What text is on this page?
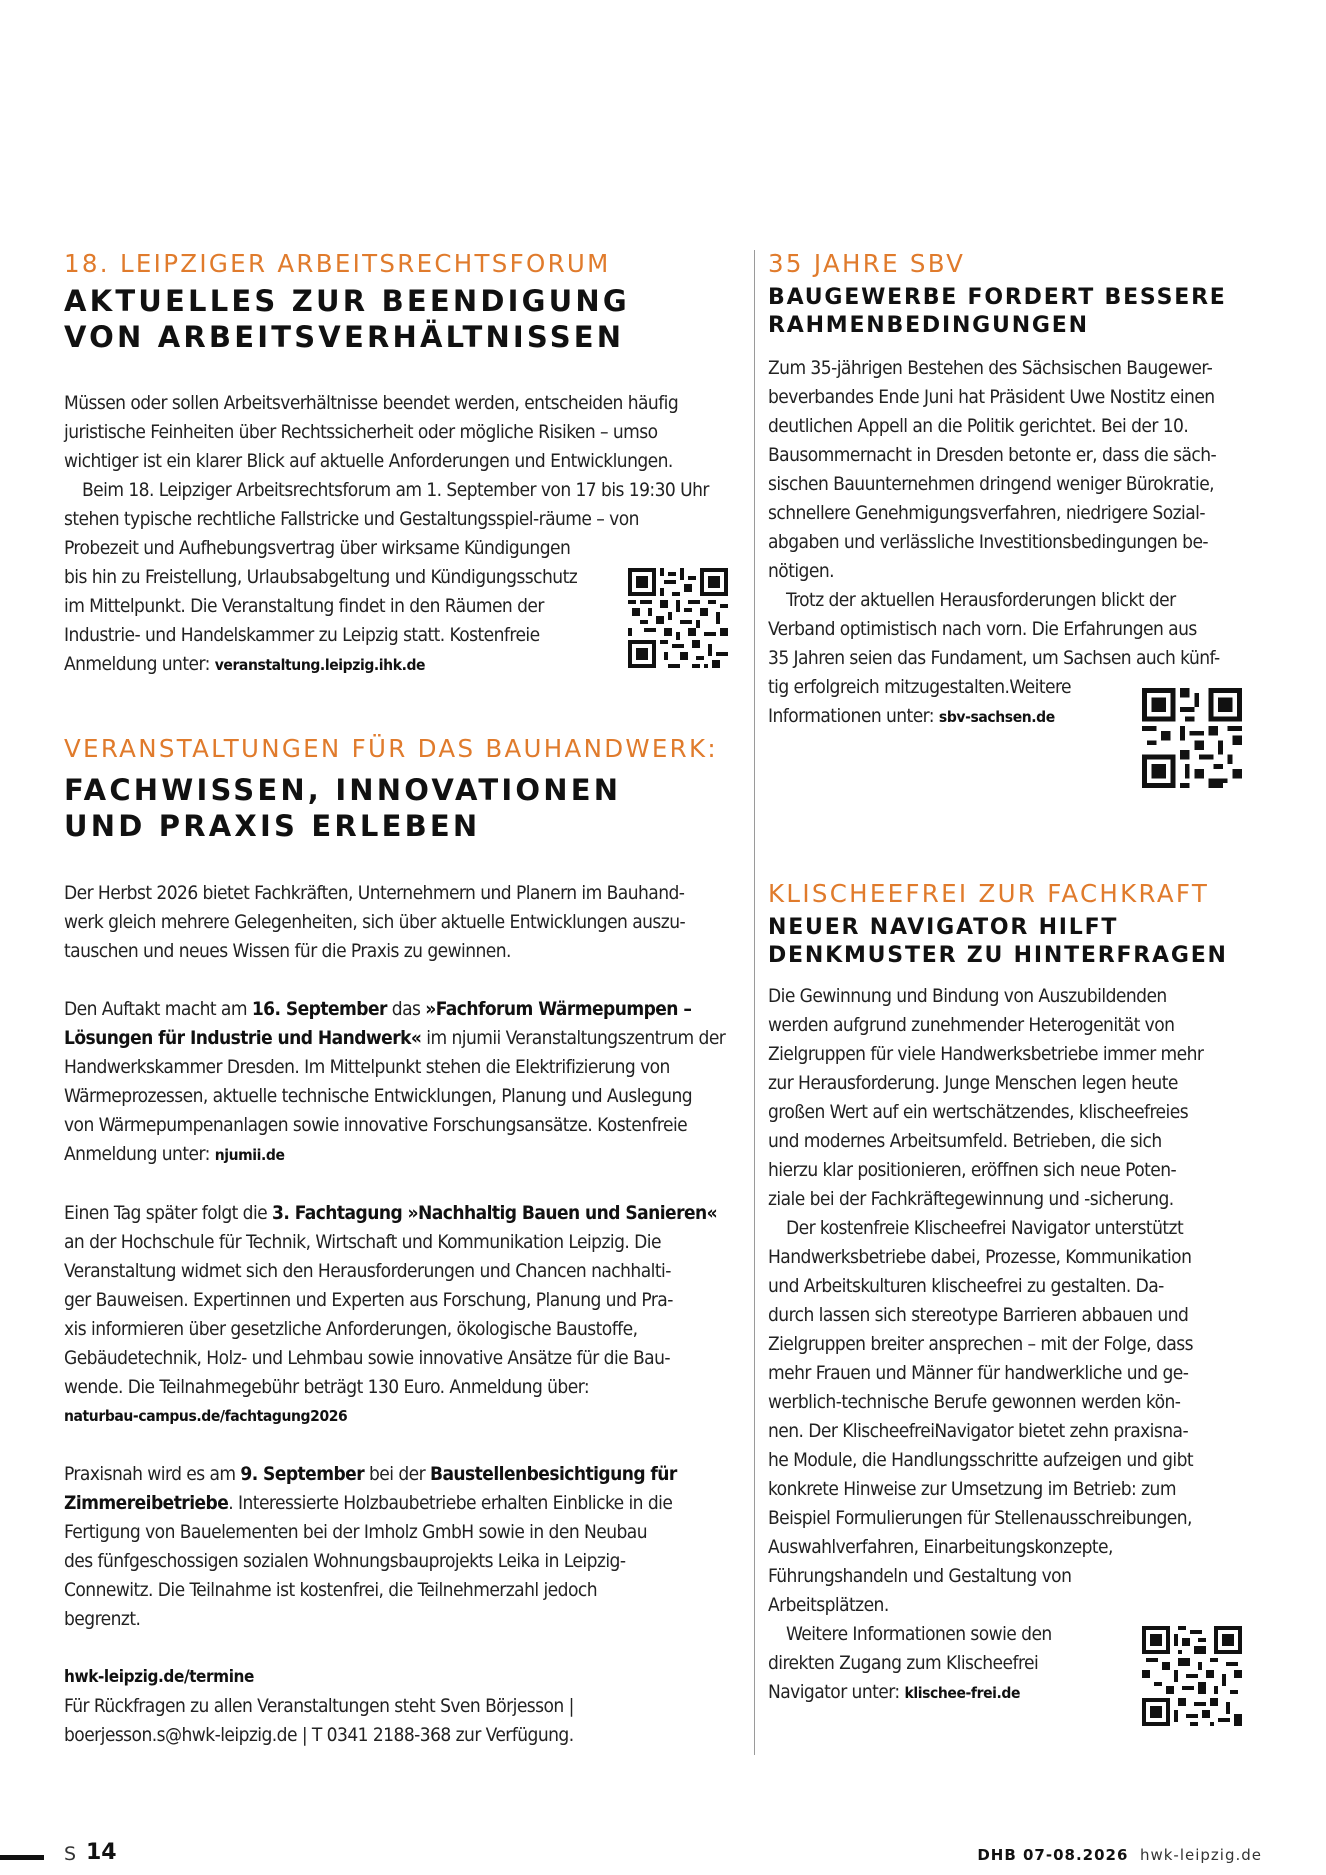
18. LEIPZIGER ARBEITSRECHTSFORUM
AKTUELLES ZUR BEENDIGUNG
VON ARBEITSVERHÄLTNISSEN
Müssen oder sollen Arbeitsverhältnisse beendet werden, entscheiden häufig
juristische Feinheiten über Rechtssicherheit oder mögliche Risiken – umso
wichtiger ist ein klarer Blick auf aktuelle Anforderungen und Entwicklungen.
Beim 18. Leipziger Arbeitsrechtsforum am 1. September von 17 bis 19:30 Uhr
stehen typische rechtliche Fallstricke und Gestaltungsspiel-räume – von
Probezeit und Aufhebungsvertrag über wirksame Kündigungen
bis hin zu Freistellung, Urlaubsabgeltung und Kündigungsschutz
im Mittelpunkt. Die Veranstaltung findet in den Räumen der
Industrie- und Handelskammer zu Leipzig statt. Kostenfreie
Anmeldung unter: veranstaltung.leipzig.ihk.de
VERANSTALTUNGEN FÜR DAS BAUHANDWERK:
FACHWISSEN, INNOVATIONEN
UND PRAXIS ERLEBEN
Der Herbst 2026 bietet Fachkräften, Unternehmern und Planern im Bauhand-
werk gleich mehrere Gelegenheiten, sich über aktuelle Entwicklungen auszu-
tauschen und neues Wissen für die Praxis zu gewinnen.
Den Auftakt macht am 16. September das »Fachforum Wärmepumpen –
Lösungen für Industrie und Handwerk« im njumii Veranstaltungszentrum der
Handwerkskammer Dresden. Im Mittelpunkt stehen die Elektrifizierung von
Wärmeprozessen, aktuelle technische Entwicklungen, Planung und Auslegung
von Wärmepumpenanlagen sowie innovative Forschungsansätze. Kostenfreie
Anmeldung unter: njumii.de
Einen Tag später folgt die 3. Fachtagung »Nachhaltig Bauen und Sanieren«
an der Hochschule für Technik, Wirtschaft und Kommunikation Leipzig. Die
Veranstaltung widmet sich den Herausforderungen und Chancen nachhalti-
ger Bauweisen. Expertinnen und Experten aus Forschung, Planung und Pra-
xis informieren über gesetzliche Anforderungen, ökologische Baustoffe,
Gebäudetechnik, Holz- und Lehmbau sowie innovative Ansätze für die Bau-
wende. Die Teilnahmegebühr beträgt 130 Euro. Anmeldung über:
naturbau-campus.de/fachtagung2026
Praxisnah wird es am 9. September bei der Baustellenbesichtigung für
Zimmereibetriebe. Interessierte Holzbaubetriebe erhalten Einblicke in die
Fertigung von Bauelementen bei der Imholz GmbH sowie in den Neubau
des fünfgeschossigen sozialen Wohnungsbauprojekts Leika in Leipzig-
Connewitz. Die Teilnahme ist kostenfrei, die Teilnehmerzahl jedoch
begrenzt.
hwk-leipzig.de/termine
Für Rückfragen zu allen Veranstaltungen steht Sven Börjesson |
boerjesson.s@hwk-leipzig.de | T 0341 2188-368 zur Verfügung.
35 JAHRE SBV
BAUGEWERBE FORDERT BESSERE
RAHMENBEDINGUNGEN
Zum 35-jährigen Bestehen des Sächsischen Baugewer-
beverbandes Ende Juni hat Präsident Uwe Nostitz einen
deutlichen Appell an die Politik gerichtet. Bei der 10.
Bausommernacht in Dresden betonte er, dass die säch-
sischen Bauunternehmen dringend weniger Bürokratie,
schnellere Genehmigungsverfahren, niedrigere Sozial-
abgaben und verlässliche Investitionsbedingungen be-
nötigen.
Trotz der aktuellen Herausforderungen blickt der
Verband optimistisch nach vorn. Die Erfahrungen aus
35 Jahren seien das Fundament, um Sachsen auch künf-
tig erfolgreich mitzugestalten.Weitere
Informationen unter: sbv-sachsen.de
KLISCHEEFREI ZUR FACHKRAFT
NEUER NAVIGATOR HILFT
DENKMUSTER ZU HINTERFRAGEN
Die Gewinnung und Bindung von Auszubildenden
werden aufgrund zunehmender Heterogenität von
Zielgruppen für viele Handwerksbetriebe immer mehr
zur Herausforderung. Junge Menschen legen heute
großen Wert auf ein wertschätzendes, klischeefreies
und modernes Arbeitsumfeld. Betrieben, die sich
hierzu klar positionieren, eröffnen sich neue Poten-
ziale bei der Fachkräftegewinnung und -sicherung.
Der kostenfreie Klischeefrei Navigator unterstützt
Handwerksbetriebe dabei, Prozesse, Kommunikation
und Arbeitskulturen klischeefrei zu gestalten. Da-
durch lassen sich stereotype Barrieren abbauen und
Zielgruppen breiter ansprechen – mit der Folge, dass
mehr Frauen und Männer für handwerkliche und ge-
werblich-technische Berufe gewonnen werden kön-
nen. Der KlischeefreiNavigator bietet zehn praxisna-
he Module, die Handlungsschritte aufzeigen und gibt
konkrete Hinweise zur Umsetzung im Betrieb: zum
Beispiel Formulierungen für Stellenausschreibungen,
Auswahlverfahren, Einarbeitungskonzepte,
Führungshandeln und Gestaltung von
Arbeitsplätzen.
Weitere Informationen sowie den
direkten Zugang zum Klischeefrei
Navigator unter: klischee-frei.de
S 14	DHB 07-08.2026 hwk-leipzig.de
